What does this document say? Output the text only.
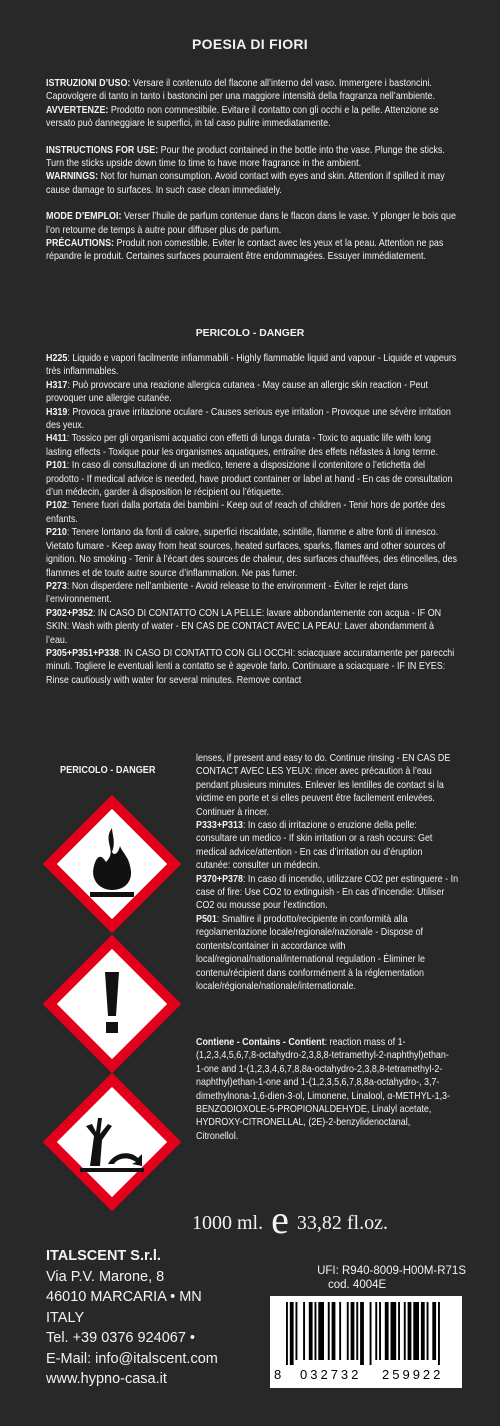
POESIA DI FIORI

ISTRUZIONI D’USO: Versare il contenuto del flacone all’interno del vaso. Immergere i bastoncini. Capovolgere di tanto in tanto i bastoncini per una maggiore intensità della fragranza nell’ambiente.
AVVERTENZE: Prodotto non commestibile. Evitare il contatto con gli occhi e la pelle. Attenzione se versato può danneggiare le superfici, in tal caso pulire immediatamente.

INSTRUCTIONS FOR USE: Pour the product contained in the bottle into the vase. Plunge the sticks. Turn the sticks upside down time to time to have more fragrance in the ambient.
WARNINGS: Not for human consumption. Avoid contact with eyes and skin. Attention if spilled it may cause damage to surfaces. In such case clean immediately.

MODE D’EMPLOI: Verser l’huile de parfum contenue dans le flacon dans le vase. Y plonger le bois que l’on retourne de temps à autre pour diffuser plus de parfum.
PRÉCAUTIONS: Produit non comestible. Eviter le contact avec les yeux et la peau. Attention ne pas répandre le produit. Certaines surfaces pourraient être endommagées. Essuyer immédiatement.

PERICOLO - DANGER
H225: Liquido e vapori facilmente infiammabili - Highly flammable liquid and vapour - Liquide et vapeurs très inflammables.
H317: Può provocare una reazione allergica cutanea - May cause an allergic skin reaction - Peut provoquer une allergie cutanée.
H319: Provoca grave irritazione oculare - Causes serious eye irritation - Provoque une sévère irritation des yeux.
H411: Tossico per gli organismi acquatici con effetti di lunga durata - Toxic to aquatic life with long lasting effects - Toxique pour les organismes aquatiques, entraîne des effets néfastes à long terme.
P101: In caso di consultazione di un medico, tenere a disposizione il contenitore o l’etichetta del prodotto - If medical advice is needed, have product container or label at hand - En cas de consultation d’un médecin, garder à disposition le récipient ou l’étiquette.
P102: Tenere fuori dalla portata dei bambini - Keep out of reach of children - Tenir hors de portée des enfants.
P210: Tenere lontano da fonti di calore, superfici riscaldate, scintille, fiamme e altre fonti di innesco. Vietato fumare - Keep away from heat sources, heated surfaces, sparks, flames and other sources of ignition. No smoking - Tenir à l’écart des sources de chaleur, des surfaces chauffées, des étincelles, des flammes et de toute autre source d’inflammation. Ne pas fumer.
P273: Non disperdere nell’ambiente - Avoid release to the environment - Éviter le rejet dans l’environnement.
P302+P352: IN CASO DI CONTATTO CON LA PELLE: lavare abbondantemente con acqua - IF ON SKIN: Wash with plenty of water - EN CAS DE CONTACT AVEC LA PEAU: Laver abondamment à l’eau.
P305+P351+P338: IN CASO DI CONTATTO CON GLI OCCHI: sciacquare accuratamente per parecchi minuti. Togliere le eventuali lenti a contatto se è agevole farlo. Continuare a sciacquare - IF IN EYES: Rinse cautiously with water for several minutes. Remove contact
PERICOLO - DANGER

lenses, if present and easy to do. Continue rinsing - EN CAS DE CONTACT AVEC LES YEUX: rincer avec précaution à l’eau pendant plusieurs minutes. Enlever les lentilles de contact si la victime en porte et si elles peuvent être facilement enlevées. Continuer à rincer.

P333+P313: In caso di irritazione o eruzione della pelle: consultare un medico - If skin irritation or a rash occurs: Get medical advice/attention - En cas d’irritation ou d’éruption cutanée: consulter un médecin.

P370+P378: In caso di incendio, utilizzare CO2 per estinguere - In case of fire: Use CO2 to extinguish - En cas d’incendie: Utiliser CO2 ou mousse pour l’extinction.

P501: Smaltire il prodotto/recipiente in conformità alla regolamentazione locale/regionale/nazionale - Dispose of contents/container in accordance with local/regional/national/international regulation - Éliminer le contenu/récipient dans conformément à la réglementation locale/régionale/nationale/internationale.

Contiene - Contains - Contient: reaction mass of 1-(1,2,3,4,5,6,7,8-octahydro-2,3,8,8-tetramethyl-2-naphthyl)ethan-1-one and 1-(1,2,3,4,6,7,8,8a-octahydro-2,3,8,8-tetramethyl-2-naphthyl)ethan-1-one and 1-(1,2,3,5,6,7,8,8a-octahydro-, 3,7-dimethylnona-1,6-dien-3-ol, Limonene, Linalool, α-METHYL-1,3-BENZODIOXOLE-5-PROPIONALDEHYDE, Linalyl acetate, HYDROXY-CITRONELLAL, (2E)-2-benzylidenoctanal, Citronellol.
1000 ml. e 33,82 fl.oz.
ITALSCENT S.r.l.
Via P.V. Marone, 8
46010 MARCARIA • MN
ITALY
Tel. +39 0376 924067 •
E-Mail: info@italscent.com
www.hypno-casa.it
UFI: R940-8009-H00M-R71S
cod. 4004E
8 032732 259922
